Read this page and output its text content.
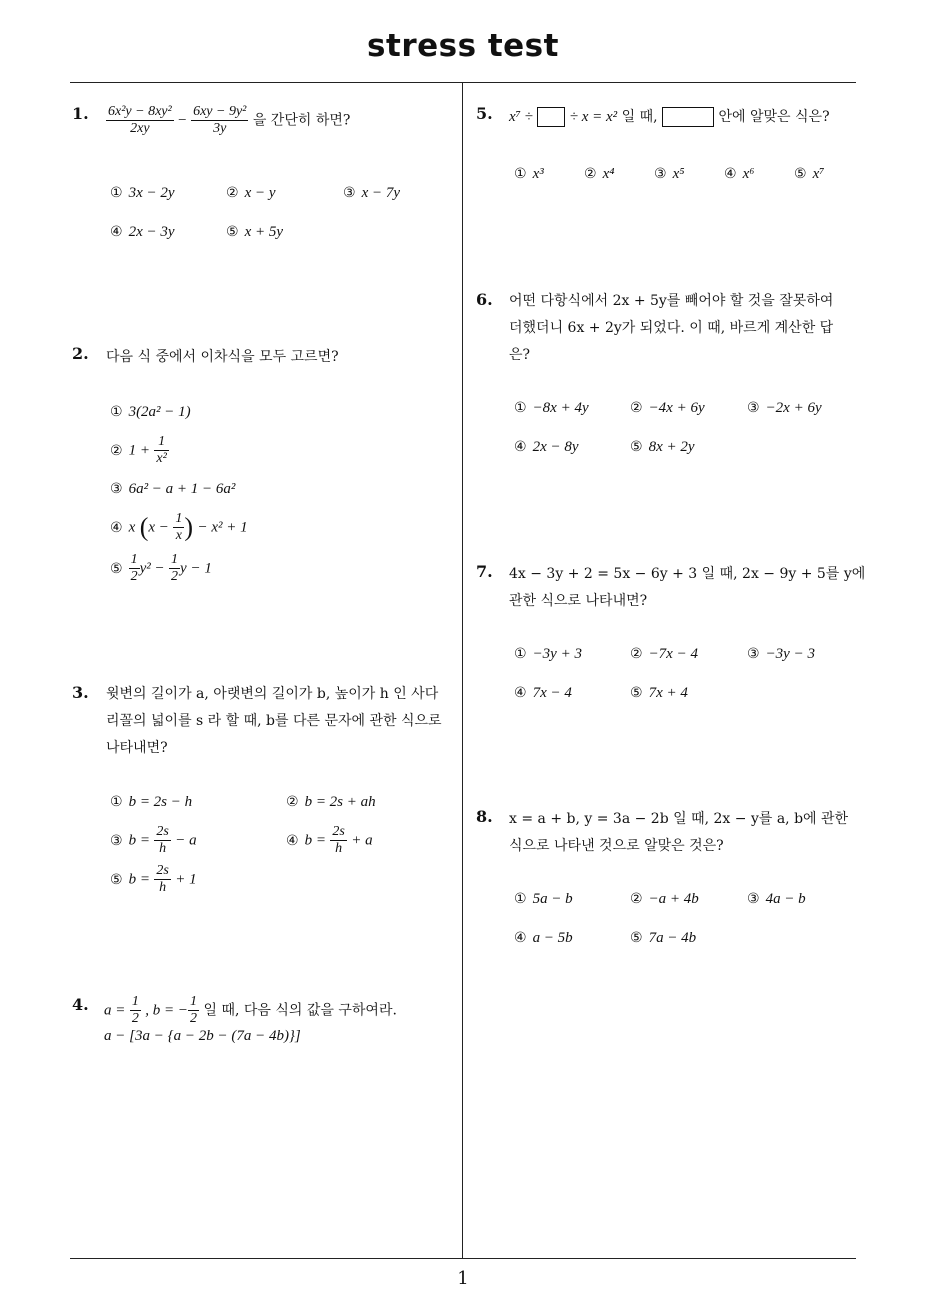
stress test
1
1. $\frac{\text{6x²y − 8xy²}}{2xy} - \frac{\text{6xy − 9y²}}{3y}$ 을 간단히 하면?
① 3x − 2y	② x − y	③ x − 7y
④ 2x − 3y	⑤ x + 5y
2. 다음 식 중에서 이차식을 모두 고르면?
① 3(2a² − 1)
② $1 + \frac{1}{\text{x²}}$
③ 6a² − a + 1 − 6a²
④ x ($x - \frac{1}{x}$ ) − x² + 1
⑤ $\frac{1}{2} y^2 - \frac{1}{2}$ y − 1
3. 윗변의 길이가 a, 아랫변의 길이가 b, 높이가 h 인 사다
리꼴의 넓이를 s 라 할 때, b를 다른 문자에 관한 식으로
나타내면?
① b = 2s − h	② b = 2s + ah
③ $b = \frac{2s}{h} - a$	④ $b = \frac{2s}{h} + a$
⑤ $b = \frac{2s}{h} + 1$
4. $a = \frac{1}{2}$ , b = − $\frac{1}{2}$ 일 때, 다음 식의 값을 구하여라.
a − [3a − {a − 2b − (7a − 4b)}]
5. x⁷ ÷ ÷ x = x² 일 때,	안에 알맞은 식은?
① x³	② x⁴	③ x⁵	④ x⁶	⑤ x⁷
6. 어떤 다항식에서 2x + 5y를 빼어야 할 것을 잘못하여
더했더니 6x + 2y가 되었다. 이 때, 바르게 계산한 답
은?
① −8x + 4y	② −4x + 6y	③ −2x + 6y
④ 2x − 8y	⑤ 8x + 2y
7. 4x − 3y + 2 = 5x − 6y + 3 일 때, 2x − 9y + 5를 y에
관한 식으로 나타내면?
① −3y + 3	② −7x − 4	③ −3y − 3
④ 7x − 4	⑤ 7x + 4
8. x = a + b, y = 3a − 2b 일 때, 2x − y를 a, b에 관한
식으로 나타낸 것으로 알맞은 것은?
① 5a − b	② −a + 4b	③ 4a − b
④ a − 5b	⑤ 7a − 4b
